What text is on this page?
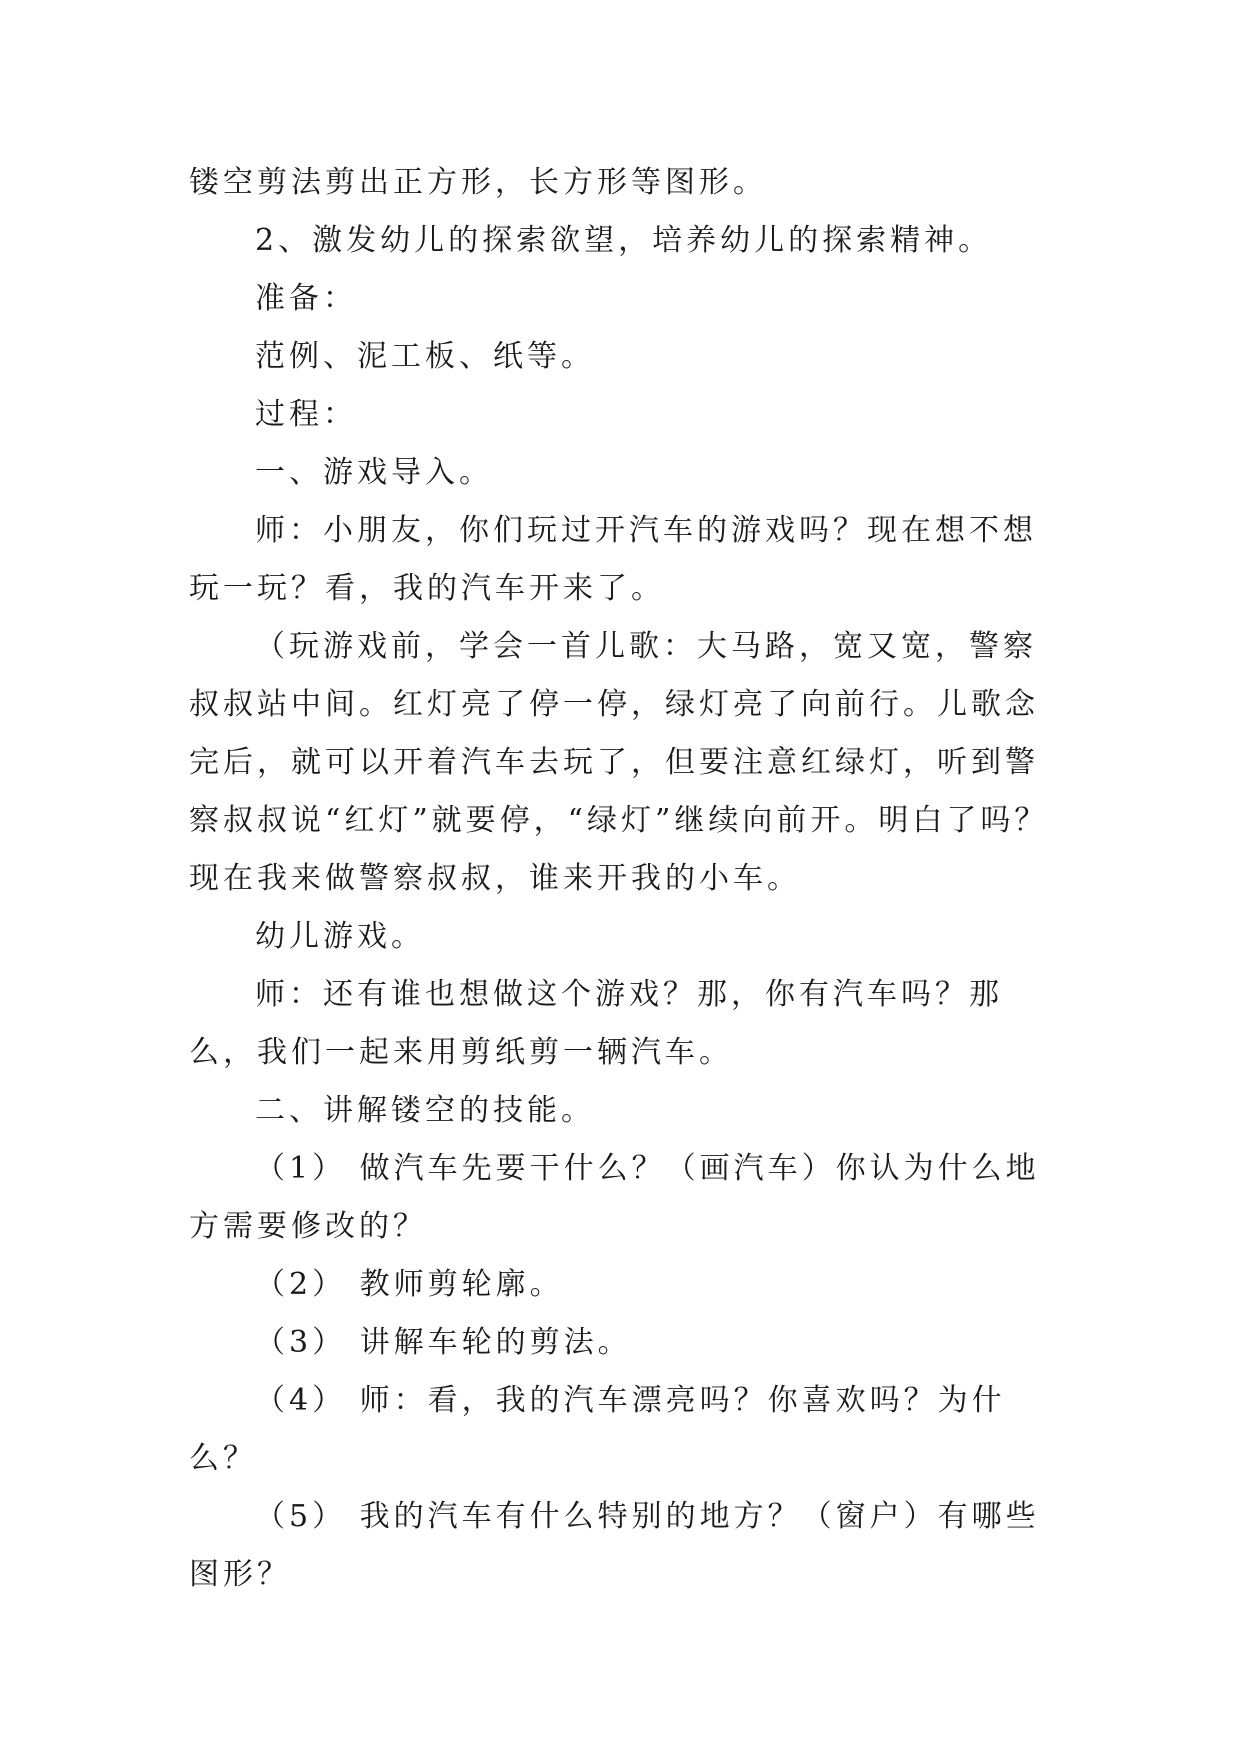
镂空剪法剪出正方形，长方形等图形。

2、激发幼儿的探索欲望，培养幼儿的探索精神。

准备：

范例、泥工板、纸等。

过程：

一、游戏导入。

师：小朋友，你们玩过开汽车的游戏吗？现在想不想玩一玩？看，我的汽车开来了。

（玩游戏前，学会一首儿歌：大马路，宽又宽，警察叔叔站中间。红灯亮了停一停，绿灯亮了向前行。儿歌念完后，就可以开着汽车去玩了，但要注意红绿灯，听到警察叔叔说“红灯”就要停，“绿灯”继续向前开。明白了吗？现在我来做警察叔叔，谁来开我的小车。

幼儿游戏。

师：还有谁也想做这个游戏？那，你有汽车吗？那么，我们一起来用剪纸剪一辆汽车。

二、讲解镂空的技能。

（1） 做汽车先要干什么？（画汽车）你认为什么地方需要修改的？

（2） 教师剪轮廓。

（3） 讲解车轮的剪法。

（4） 师：看，我的汽车漂亮吗？你喜欢吗？为什么？

（5） 我的汽车有什么特别的地方？（窗户）有哪些图形？
